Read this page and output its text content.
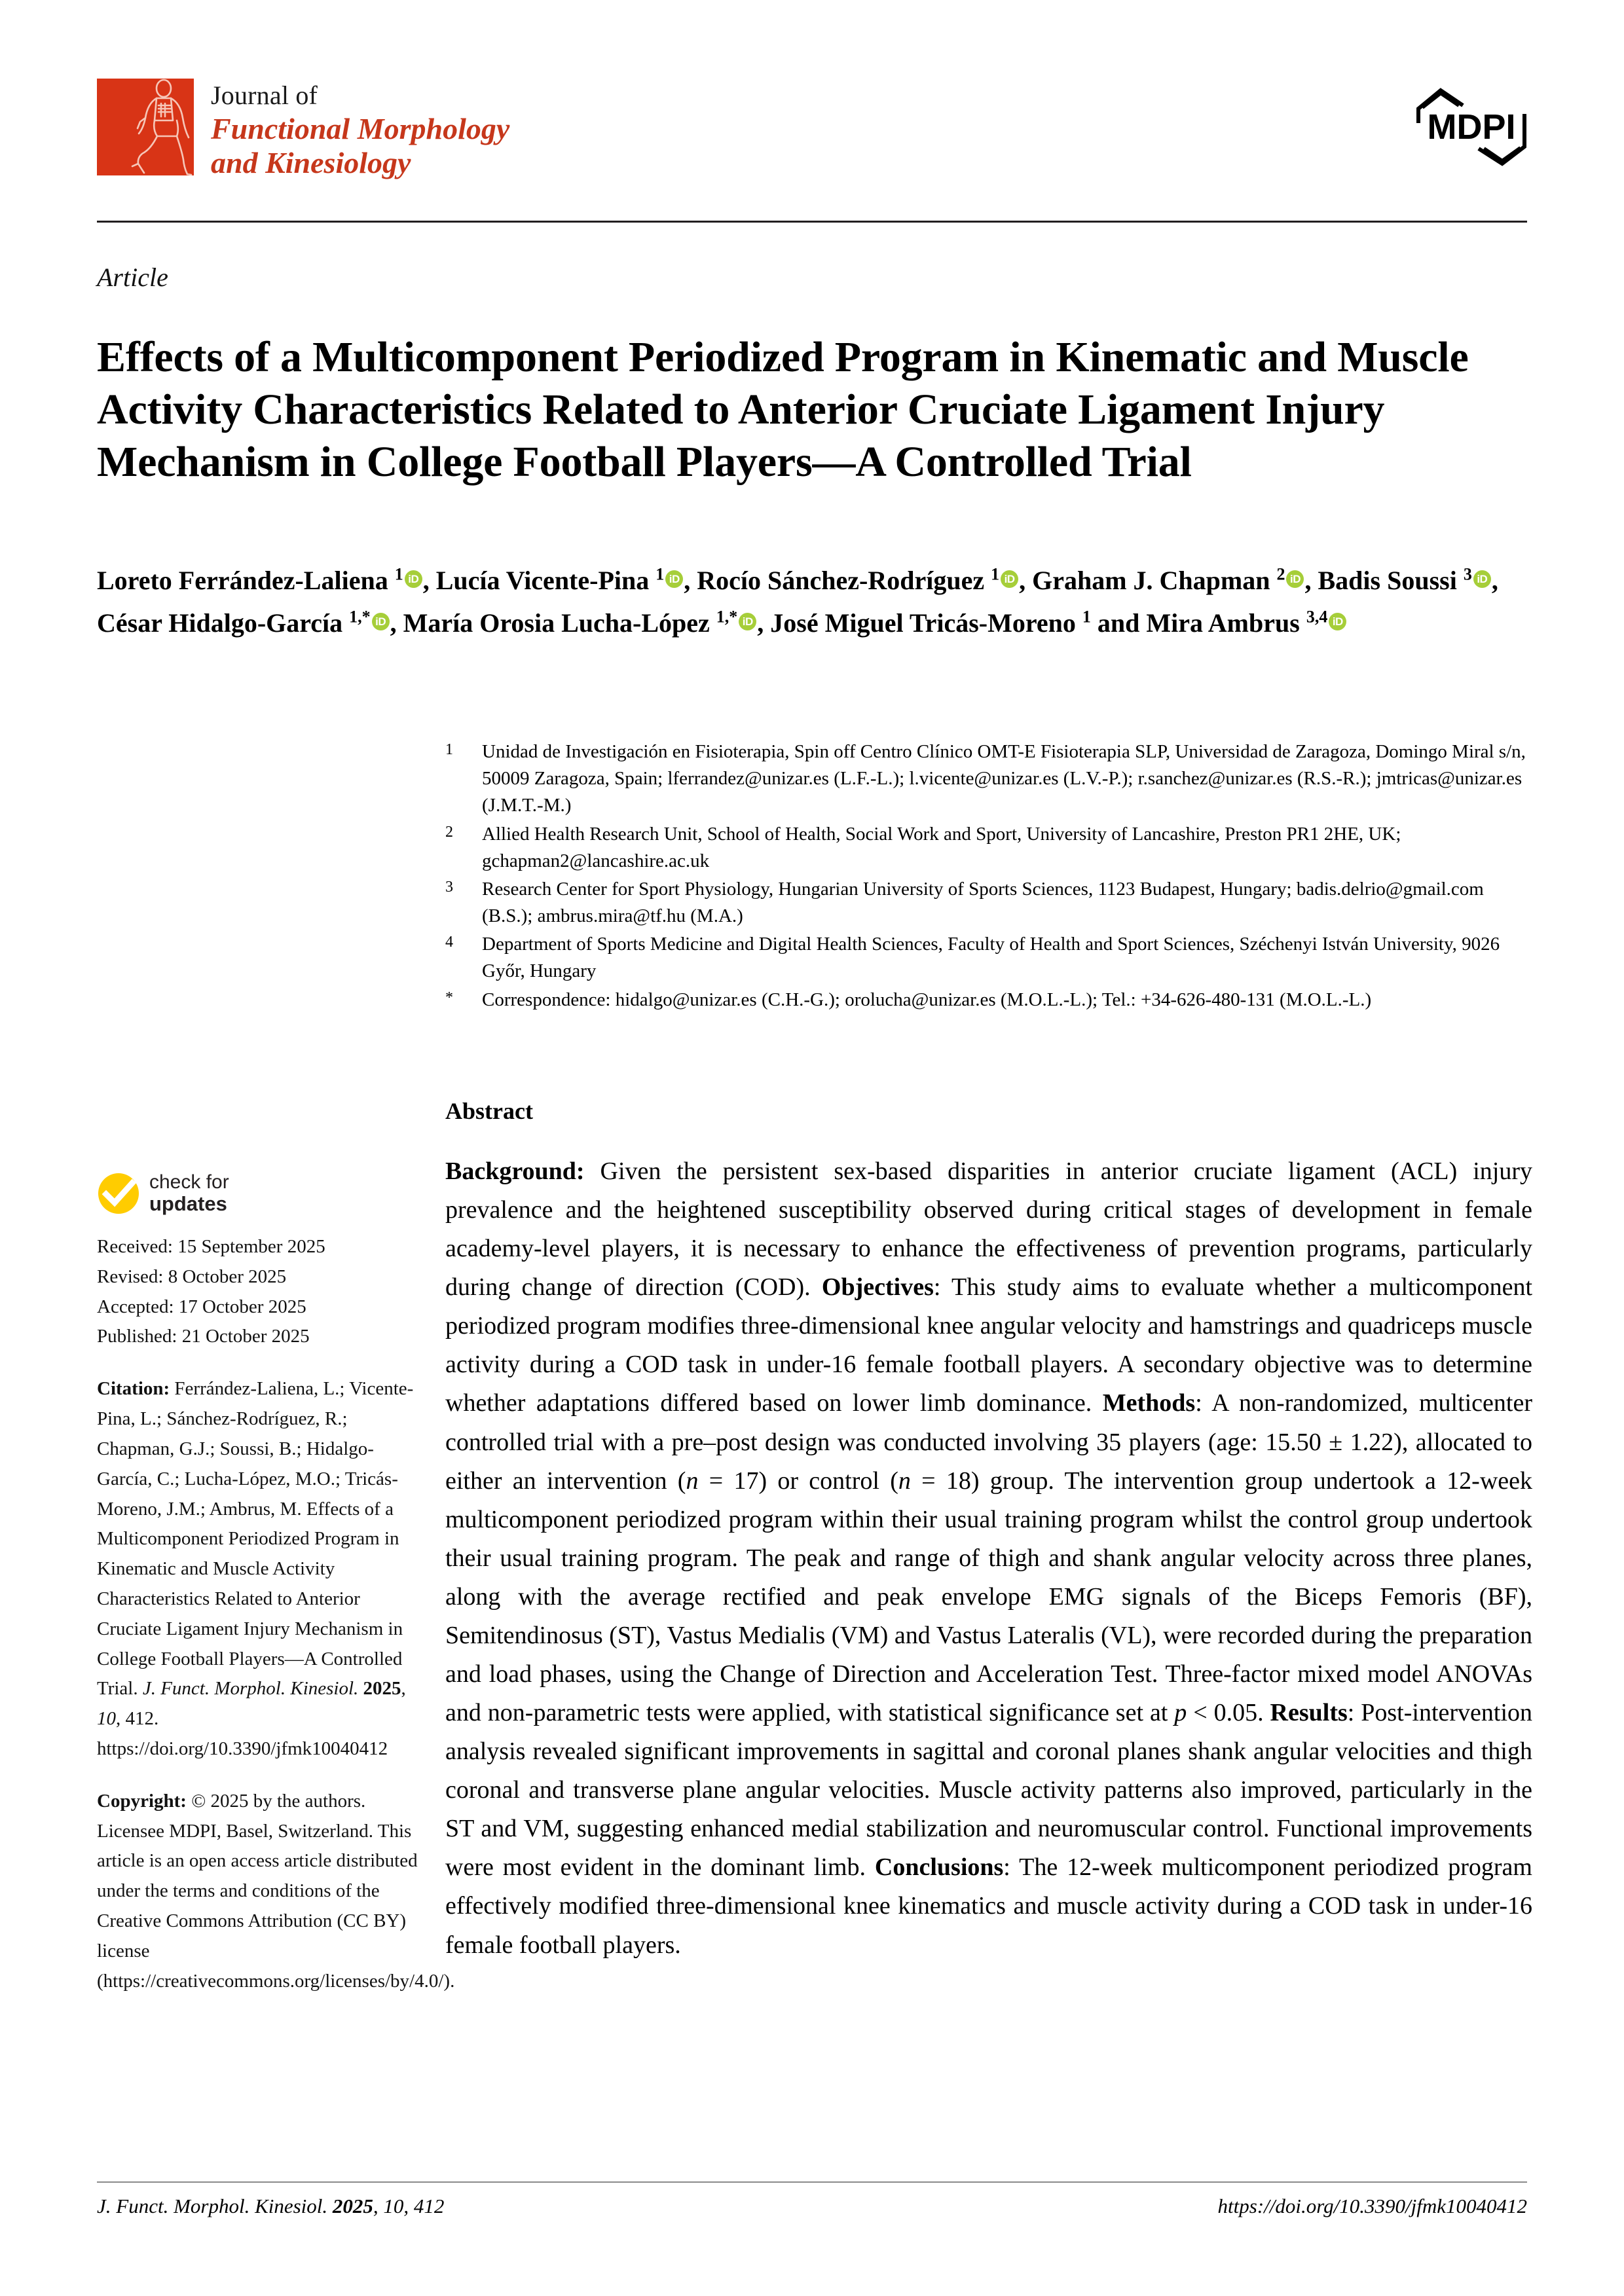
Journal of
Functional Morphology
and Kinesiology
MDPI
Article
Effects of a Multicomponent Periodized Program in Kinematic and Muscle Activity Characteristics Related to Anterior Cruciate Ligament Injury Mechanism in College Football Players—A Controlled Trial
Loreto Ferrández-Laliena $^1$ iD , Lucía Vicente-Pina $^1$ iD , Rocío Sánchez-Rodríguez $^1$ iD , Graham J. Chapman $^2$ iD , Badis Soussi $^3$ iD , César Hidalgo-García $^{1,*}$ iD , María Orosia Lucha-López $^{1,*}$ iD , José Miguel Tricás-Moreno $^1$ and Mira Ambrus $^{3,4}$ iD
$^1$	Unidad de Investigación en Fisioterapia, Spin off Centro Clínico OMT-E Fisioterapia SLP, Universidad de Zaragoza, Domingo Miral s/n, 50009 Zaragoza, Spain; lferrandez@unizar.es (L.F.-L.); l.vicente@unizar.es (L.V.-P.); r.sanchez@unizar.es (R.S.-R.); jmtricas@unizar.es (J.M.T.-M.)
$^2$	Allied Health Research Unit, School of Health, Social Work and Sport, University of Lancashire, Preston PR1 2HE, UK; gchapman2@lancashire.ac.uk
$^3$	Research Center for Sport Physiology, Hungarian University of Sports Sciences, 1123 Budapest, Hungary; badis.delrio@gmail.com (B.S.); ambrus.mira@tf.hu (M.A.)
$^4$	Department of Sports Medicine and Digital Health Sciences, Faculty of Health and Sport Sciences, Széchenyi István University, 9026 Győr, Hungary
*	Correspondence: hidalgo@unizar.es (C.H.-G.); orolucha@unizar.es (M.O.L.-L.); Tel.: +34-626-480-131 (M.O.L.-L.)
check for
updates
Received: 15 September 2025
Revised: 8 October 2025
Accepted: 17 October 2025
Published: 21 October 2025
Citation: Ferrández-Laliena, L.; Vicente-Pina, L.; Sánchez-Rodríguez, R.; Chapman, G.J.; Soussi, B.; Hidalgo-García, C.; Lucha-López, M.O.; Tricás-Moreno, J.M.; Ambrus, M. Effects of a Multicomponent Periodized Program in Kinematic and Muscle Activity Characteristics Related to Anterior Cruciate Ligament Injury Mechanism in College Football Players—A Controlled Trial. J. Funct. Morphol. Kinesiol. 2025, 10, 412.
https://doi.org/10.3390/jfmk10040412
Copyright: © 2025 by the authors. Licensee MDPI, Basel, Switzerland. This article is an open access article distributed under the terms and conditions of the Creative Commons Attribution (CC BY) license (https://creativecommons.org/licenses/by/4.0/).
Abstract
Background: Given the persistent sex-based disparities in anterior cruciate ligament (ACL) injury prevalence and the heightened susceptibility observed during critical stages of development in female academy-level players, it is necessary to enhance the effectiveness of prevention programs, particularly during change of direction (COD). Objectives: This study aims to evaluate whether a multicomponent periodized program modifies three-dimensional knee angular velocity and hamstrings and quadriceps muscle activity during a COD task in under-16 female football players. A secondary objective was to determine whether adaptations differed based on lower limb dominance. Methods: A non-randomized, multicenter controlled trial with a pre–post design was conducted involving 35 players (age: 15.50 ± 1.22), allocated to either an intervention (n = 17) or control (n = 18) group. The intervention group undertook a 12-week multicomponent periodized program within their usual training program whilst the control group undertook their usual training program. The peak and range of thigh and shank angular velocity across three planes, along with the average rectified and peak envelope EMG signals of the Biceps Femoris (BF), Semitendinosus (ST), Vastus Medialis (VM) and Vastus Lateralis (VL), were recorded during the preparation and load phases, using the Change of Direction and Acceleration Test. Three-factor mixed model ANOVAs and non-parametric tests were applied, with statistical significance set at p < 0.05. Results: Post-intervention analysis revealed significant improvements in sagittal and coronal planes shank angular velocities and thigh coronal and transverse plane angular velocities. Muscle activity patterns also improved, particularly in the ST and VM, suggesting enhanced medial stabilization and neuromuscular control. Functional improvements were most evident in the dominant limb. Conclusions: The 12-week multicomponent periodized program effectively modified three-dimensional knee kinematics and muscle activity during a COD task in under-16 female football players.
J. Funct. Morphol. Kinesiol. 2025, 10, 412	https://doi.org/10.3390/jfmk10040412
